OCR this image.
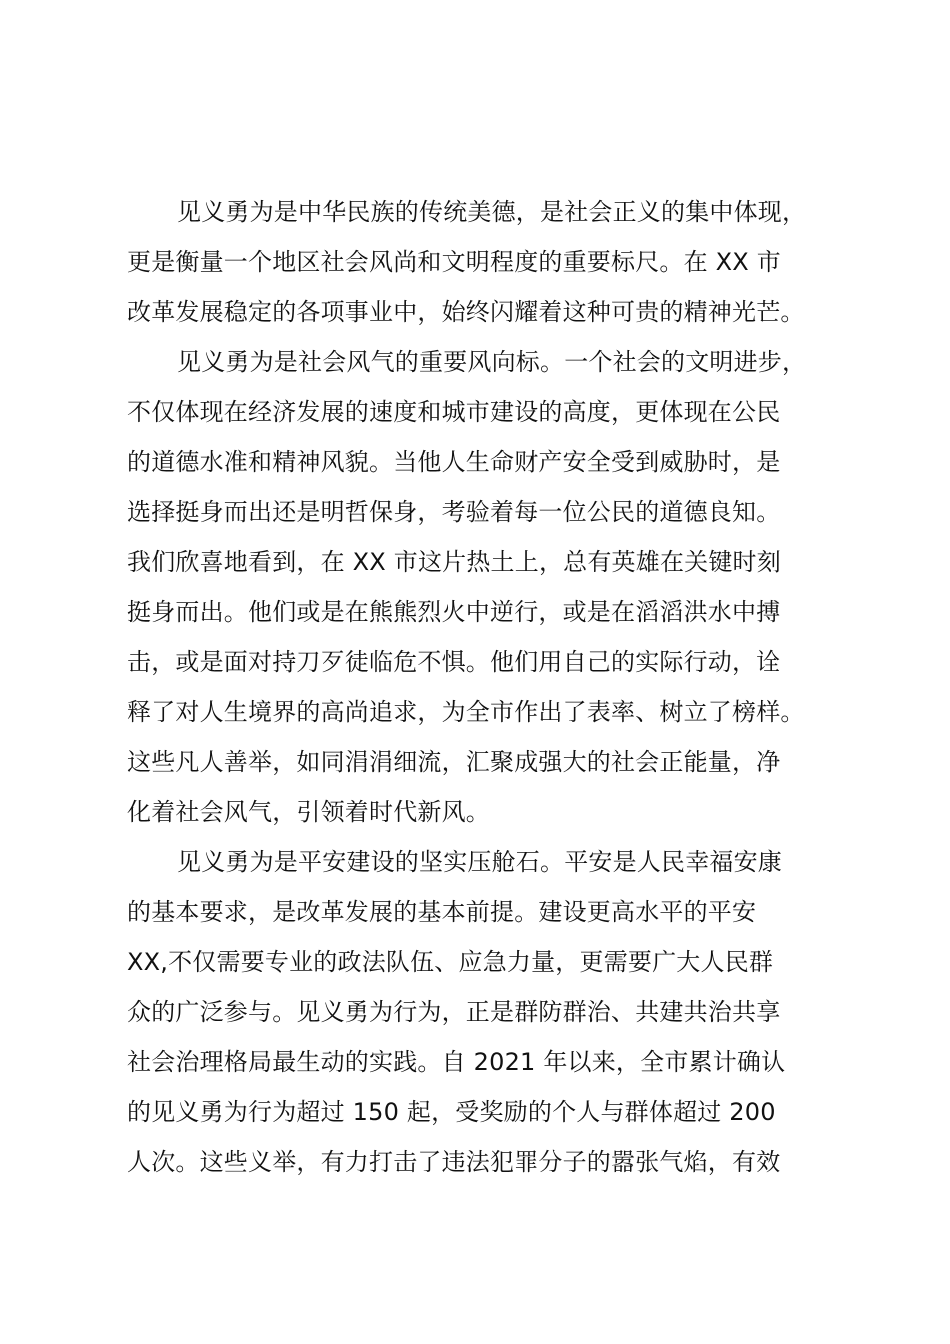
见义勇为是中华民族的传统美德，是社会正义的集中体现，
更是衡量一个地区社会风尚和文明程度的重要标尺。在 XX 市
改革发展稳定的各项事业中，始终闪耀着这种可贵的精神光芒。
见义勇为是社会风气的重要风向标。一个社会的文明进步，
不仅体现在经济发展的速度和城市建设的高度，更体现在公民
的道德水准和精神风貌。当他人生命财产安全受到威胁时，是
选择挺身而出还是明哲保身，考验着每一位公民的道德良知。
我们欣喜地看到，在 XX 市这片热土上，总有英雄在关键时刻
挺身而出。他们或是在熊熊烈火中逆行，或是在滔滔洪水中搏
击，或是面对持刀歹徒临危不惧。他们用自己的实际行动，诠
释了对人生境界的高尚追求，为全市作出了表率、树立了榜样。
这些凡人善举，如同涓涓细流，汇聚成强大的社会正能量，净
化着社会风气，引领着时代新风。
见义勇为是平安建设的坚实压舱石。平安是人民幸福安康
的基本要求，是改革发展的基本前提。建设更高水平的平安
XX,不仅需要专业的政法队伍、应急力量，更需要广大人民群
众的广泛参与。见义勇为行为，正是群防群治、共建共治共享
社会治理格局最生动的实践。自 2021 年以来，全市累计确认
的见义勇为行为超过 150 起，受奖励的个人与群体超过 200
人次。这些义举，有力打击了违法犯罪分子的嚣张气焰，有效
